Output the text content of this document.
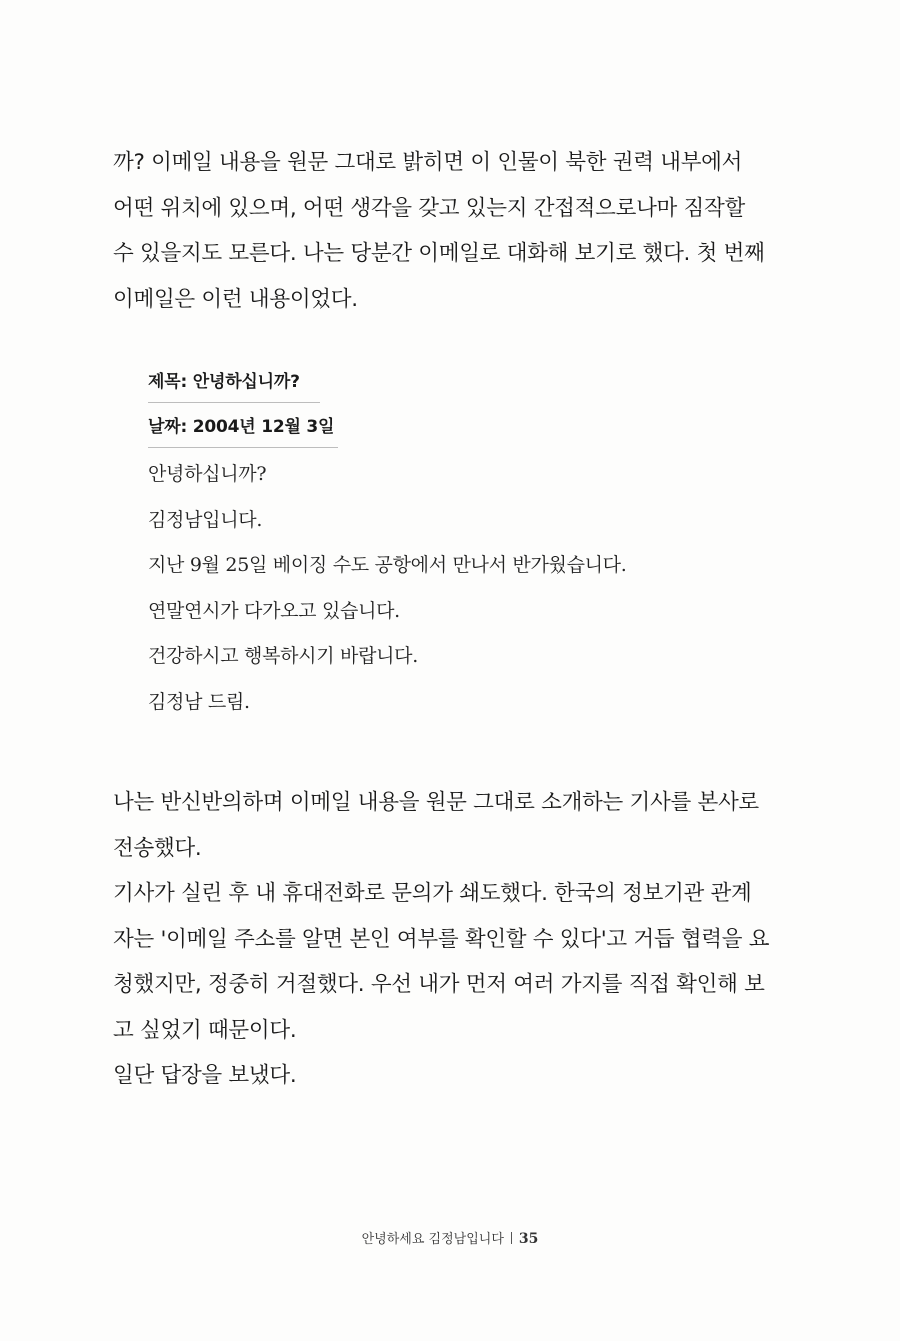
까? 이메일 내용을 원문 그대로 밝히면 이 인물이 북한 권력 내부에서
어떤 위치에 있으며, 어떤 생각을 갖고 있는지 간접적으로나마 짐작할
수 있을지도 모른다. 나는 당분간 이메일로 대화해 보기로 했다. 첫 번째
이메일은 이런 내용이었다.
제목: 안녕하십니까?
날짜: 2004년 12월 3일
안녕하십니까?
김정남입니다.
지난 9월 25일 베이징 수도 공항에서 만나서 반가웠습니다.
연말연시가 다가오고 있습니다.
건강하시고 행복하시기 바랍니다.
김정남 드림.
나는 반신반의하며 이메일 내용을 원문 그대로 소개하는 기사를 본사로
전송했다.
기사가 실린 후 내 휴대전화로 문의가 쇄도했다. 한국의 정보기관 관계
자는 '이메일 주소를 알면 본인 여부를 확인할 수 있다'고 거듭 협력을 요
청했지만, 정중히 거절했다. 우선 내가 먼저 여러 가지를 직접 확인해 보
고 싶었기 때문이다.
일단 답장을 보냈다.
안녕하세요 김정남입니다 35
